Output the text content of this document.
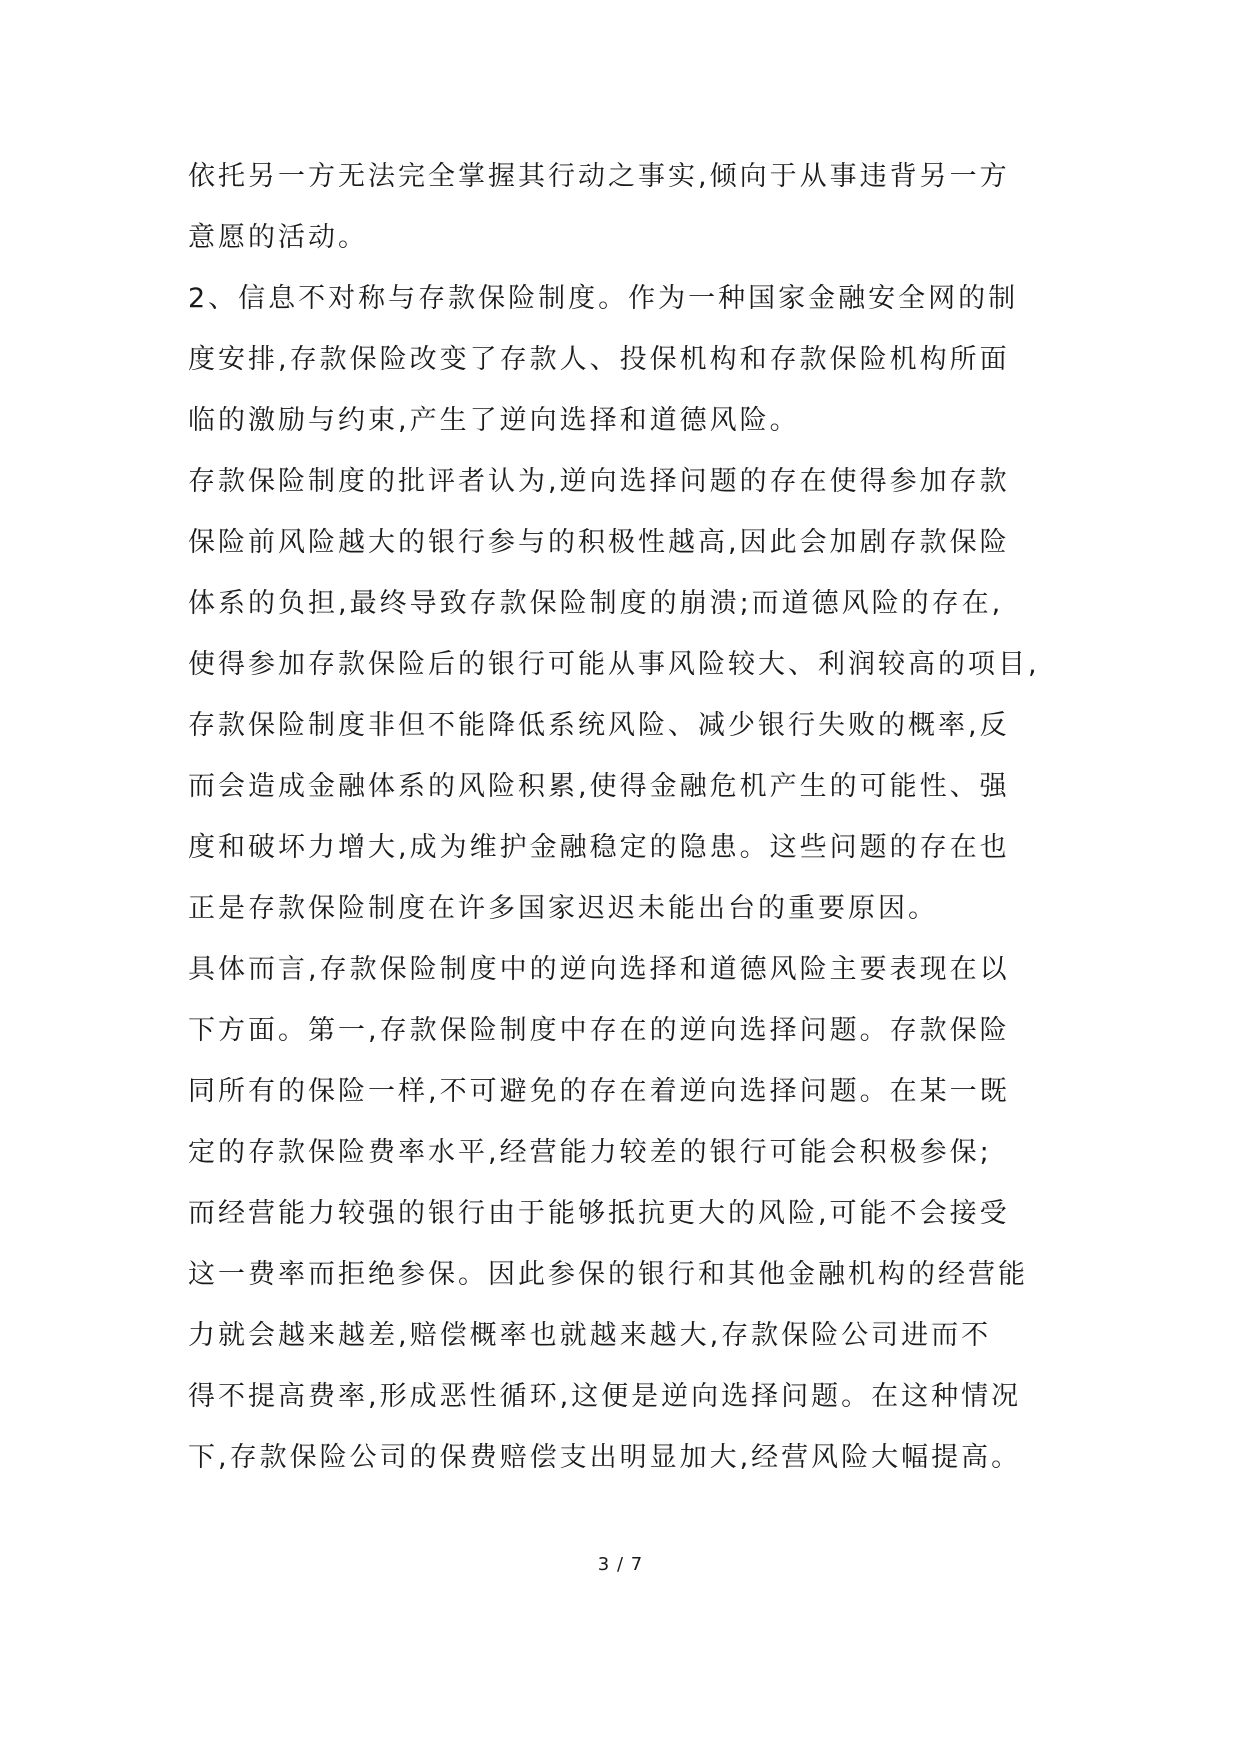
依托另一方无法完全掌握其行动之事实,倾向于从事违背另一方
意愿的活动。
2、信息不对称与存款保险制度。作为一种国家金融安全网的制
度安排,存款保险改变了存款人、投保机构和存款保险机构所面
临的激励与约束,产生了逆向选择和道德风险。
存款保险制度的批评者认为,逆向选择问题的存在使得参加存款
保险前风险越大的银行参与的积极性越高,因此会加剧存款保险
体系的负担,最终导致存款保险制度的崩溃;而道德风险的存在,
使得参加存款保险后的银行可能从事风险较大、利润较高的项目,
存款保险制度非但不能降低系统风险、减少银行失败的概率,反
而会造成金融体系的风险积累,使得金融危机产生的可能性、强
度和破坏力增大,成为维护金融稳定的隐患。这些问题的存在也
正是存款保险制度在许多国家迟迟未能出台的重要原因。
具体而言,存款保险制度中的逆向选择和道德风险主要表现在以
下方面。第一,存款保险制度中存在的逆向选择问题。存款保险
同所有的保险一样,不可避免的存在着逆向选择问题。在某一既
定的存款保险费率水平,经营能力较差的银行可能会积极参保;
而经营能力较强的银行由于能够抵抗更大的风险,可能不会接受
这一费率而拒绝参保。因此参保的银行和其他金融机构的经营能
力就会越来越差,赔偿概率也就越来越大,存款保险公司进而不
得不提高费率,形成恶性循环,这便是逆向选择问题。在这种情况
下,存款保险公司的保费赔偿支出明显加大,经营风险大幅提高。
3 / 7
